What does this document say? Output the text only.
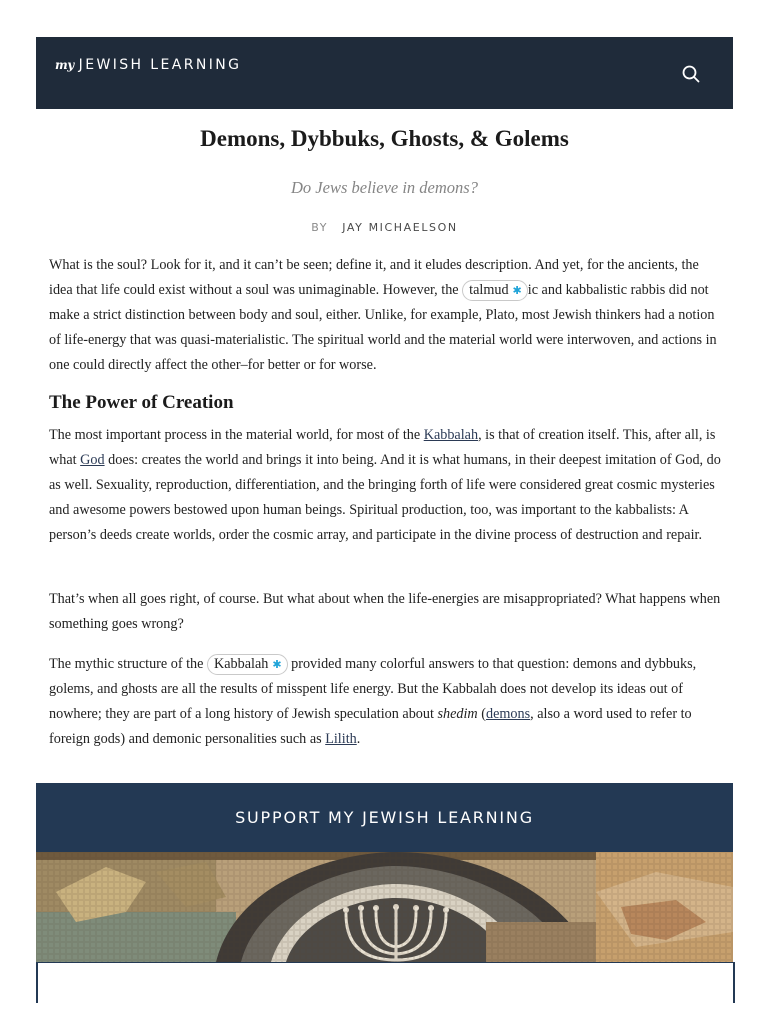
my JEWISH LEARNING
Demons, Dybbuks, Ghosts, & Golems
Do Jews believe in demons?
BY JAY MICHAELSON

What is the soul? Look for it, and it can’t be seen; define it, and it eludes description. And yet, for the ancients, the idea that life could exist without a soul was unimaginable. However, the talmud ✱ ic and kabbalistic rabbis did not make a strict distinction between body and soul, either. Unlike, for example, Plato, most Jewish thinkers had a notion of life-energy that was quasi-materialistic. The spiritual world and the material world were interwoven, and actions in one could directly affect the other–for better or for worse.

The Power of Creation

The most important process in the material world, for most of the Kabbalah, is that of creation itself. This, after all, is what God does: creates the world and brings it into being. And it is what humans, in their deepest imitation of God, do as well. Sexuality, reproduction, differentiation, and the bringing forth of life were considered great cosmic mysteries and awesome powers bestowed upon human beings. Spiritual production, too, was important to the kabbalists: A person’s deeds create worlds, order the cosmic array, and participate in the divine process of destruction and repair.

That’s when all goes right, of course. But what about when the life-energies are misappropriated? What happens when something goes wrong?

The mythic structure of the Kabbalah ✱ provided many colorful answers to that question: demons and dybbuks, golems, and ghosts are all the results of misspent life energy. But the Kabbalah does not develop its ideas out of nowhere; they are part of a long history of Jewish speculation about shedim (demons, also a word used to refer to foreign gods) and demonic personalities such as Lilith.

SUPPORT MY JEWISH LEARNING
